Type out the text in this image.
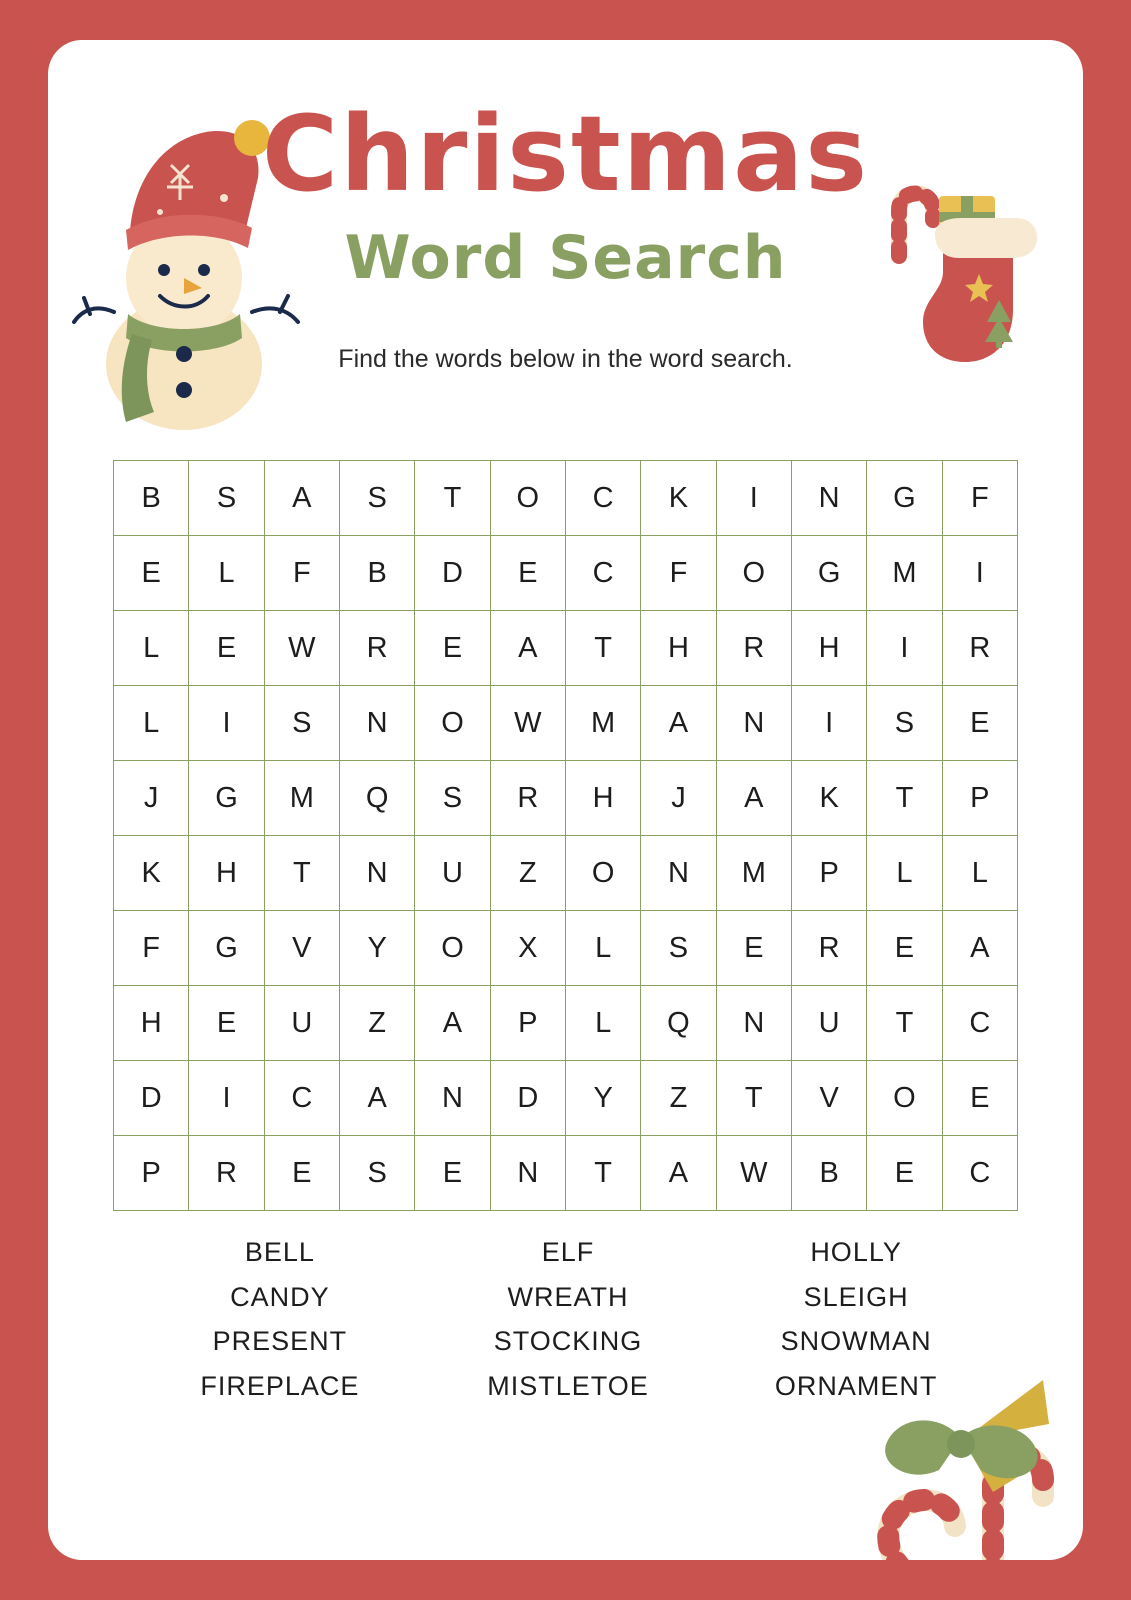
Christmas
Word Search
Find the words below in the word search.
B	S	A	S	T	O	C	K	I	N	G	F
E	L	F	B	D	E	C	F	O	G	M	I
L	E	W	R	E	A	T	H	R	H	I	R
L	I	S	N	O	W	M	A	N	I	S	E
J	G	M	Q	S	R	H	J	A	K	T	P
K	H	T	N	U	Z	O	N	M	P	L	L
F	G	V	Y	O	X	L	S	E	R	E	A
H	E	U	Z	A	P	L	Q	N	U	T	C
D	I	C	A	N	D	Y	Z	T	V	O	E
P	R	E	S	E	N	T	A	W	B	E	C
BELL
CANDY
PRESENT
FIREPLACE
ELF
WREATH
STOCKING
MISTLETOE
HOLLY
SLEIGH
SNOWMAN
ORNAMENT
